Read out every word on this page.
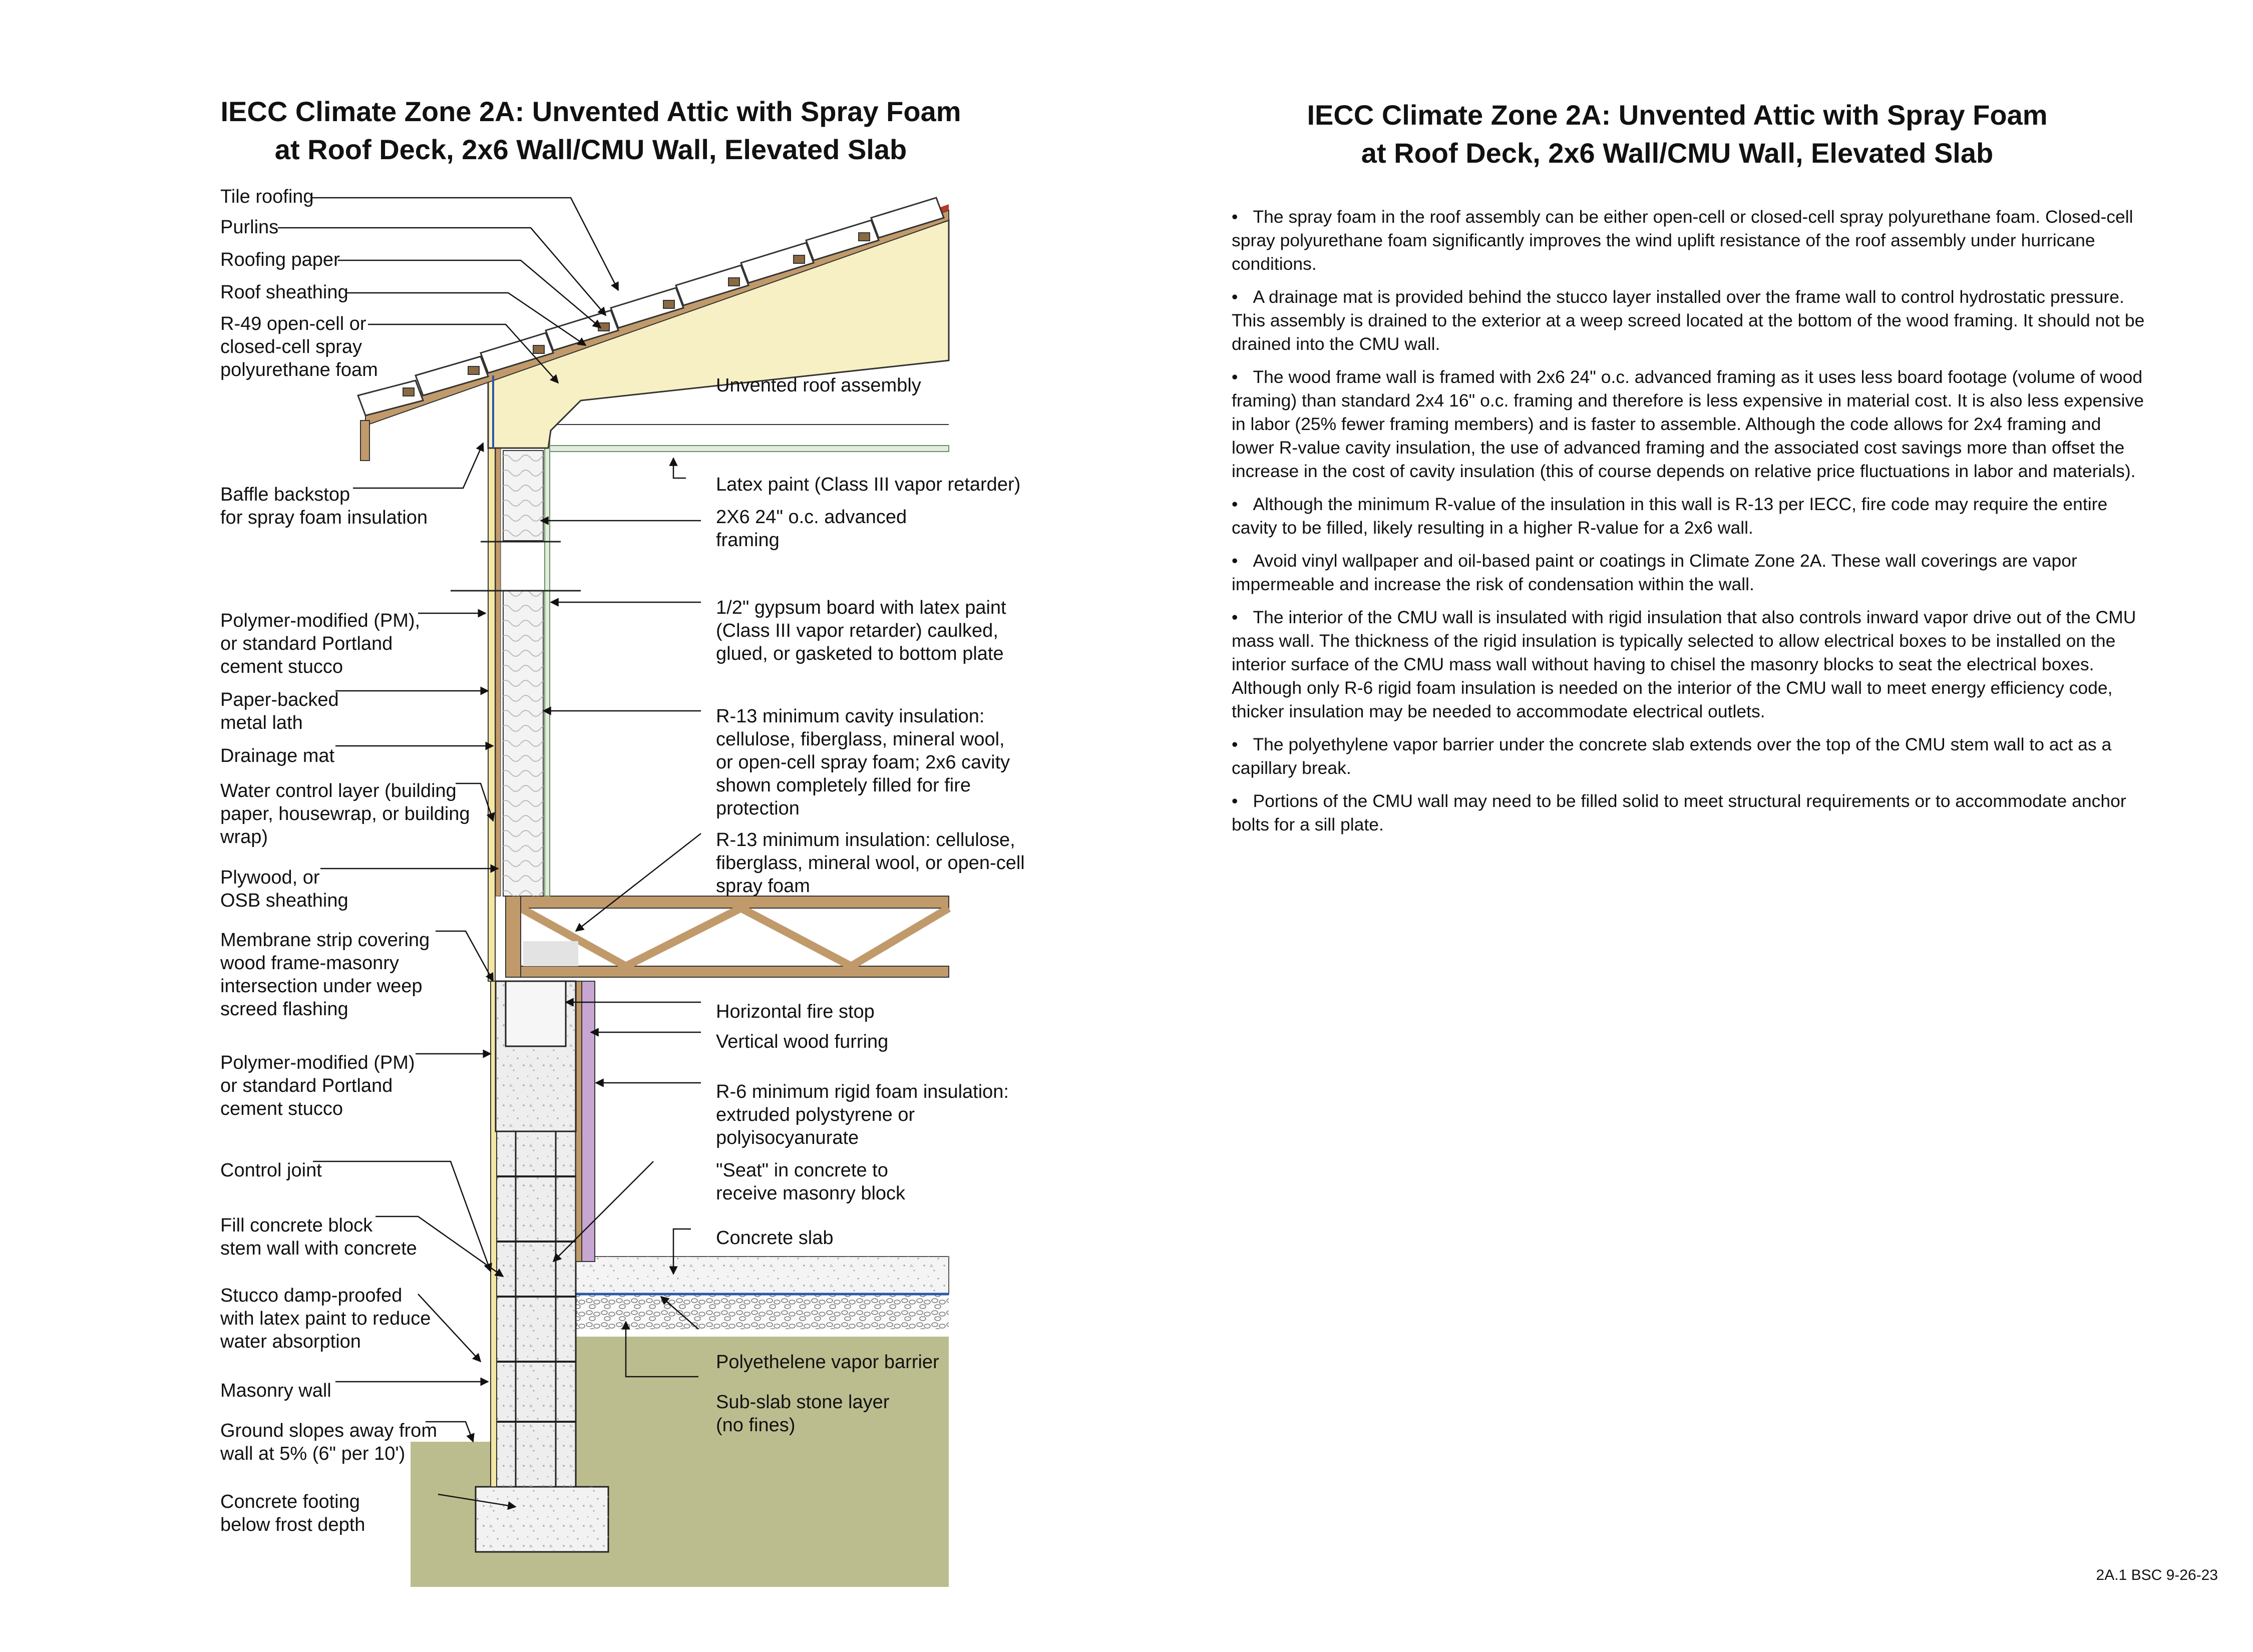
IECC Climate Zone 2A: Unvented Attic with Spray Foam
at Roof Deck, 2x6 Wall/CMU Wall, Elevated Slab
Tile roofing
Purlins
Roofing paper
Roof sheathing
R-49 open-cell or closed-cell spray polyurethane foam
Baffle backstop for spray foam insulation
Polymer-modified (PM), or standard Portland cement stucco
Paper-backed metal lath
Drainage mat
Water control layer (building paper, housewrap, or building wrap)
Plywood, or OSB sheathing
Membrane strip covering wood frame-masonry intersection under weep screed flashing
Polymer-modified (PM) or standard Portland cement stucco
Control joint
Fill concrete block stem wall with concrete
Stucco damp-proofed with latex paint to reduce water absorption
Masonry wall
Ground slopes away from wall at 5% (6" per 10')
Concrete footing below frost depth
Unvented roof assembly
Latex paint (Class III vapor retarder)
2X6 24" o.c. advanced framing
1/2" gypsum board with latex paint (Class III vapor retarder) caulked, glued, or gasketed to bottom plate
R-13 minimum cavity insulation: cellulose, fiberglass, mineral wool, or open-cell spray foam; 2x6 cavity shown completely filled for fire protection
R-13 minimum insulation: cellulose, fiberglass, mineral wool, or open-cell spray foam
Horizontal fire stop
Vertical wood furring
R-6 minimum rigid foam insulation: extruded polystyrene or polyisocyanurate
"Seat" in concrete to receive masonry block
Concrete slab
Polyethelene vapor barrier
Sub-slab stone layer (no fines)
IECC Climate Zone 2A: Unvented Attic with Spray Foam
at Roof Deck, 2x6 Wall/CMU Wall, Elevated Slab
• The spray foam in the roof assembly can be either open-cell or closed-cell spray polyurethane foam. Closed-cell spray polyurethane foam significantly improves the wind uplift resistance of the roof assembly under hurricane conditions.
• A drainage mat is provided behind the stucco layer installed over the frame wall to control hydrostatic pressure. This assembly is drained to the exterior at a weep screed located at the bottom of the wood framing. It should not be drained into the CMU wall.
• The wood frame wall is framed with 2x6 24" o.c. advanced framing as it uses less board footage (volume of wood framing) than standard 2x4 16" o.c. framing and therefore is less expensive in material cost. It is also less expensive in labor (25% fewer framing members) and is faster to assemble. Although the code allows for 2x4 framing and lower R-value cavity insulation, the use of advanced framing and the associated cost savings more than offset the increase in the cost of cavity insulation (this of course depends on relative price fluctuations in labor and materials).
• Although the minimum R-value of the insulation in this wall is R-13 per IECC, fire code may require the entire cavity to be filled, likely resulting in a higher R-value for a 2x6 wall.
• Avoid vinyl wallpaper and oil-based paint or coatings in Climate Zone 2A. These wall coverings are vapor impermeable and increase the risk of condensation within the wall.
• The interior of the CMU wall is insulated with rigid insulation that also controls inward vapor drive out of the CMU mass wall. The thickness of the rigid insulation is typically selected to allow electrical boxes to be installed on the interior surface of the CMU mass wall without having to chisel the masonry blocks to seat the electrical boxes. Although only R-6 rigid foam insulation is needed on the interior of the CMU wall to meet energy efficiency code, thicker insulation may be needed to accommodate electrical outlets.
• The polyethylene vapor barrier under the concrete slab extends over the top of the CMU stem wall to act as a capillary break.
• Portions of the CMU wall may need to be filled solid to meet structural requirements or to accommodate anchor bolts for a sill plate.
2A.1 BSC 9-26-23
